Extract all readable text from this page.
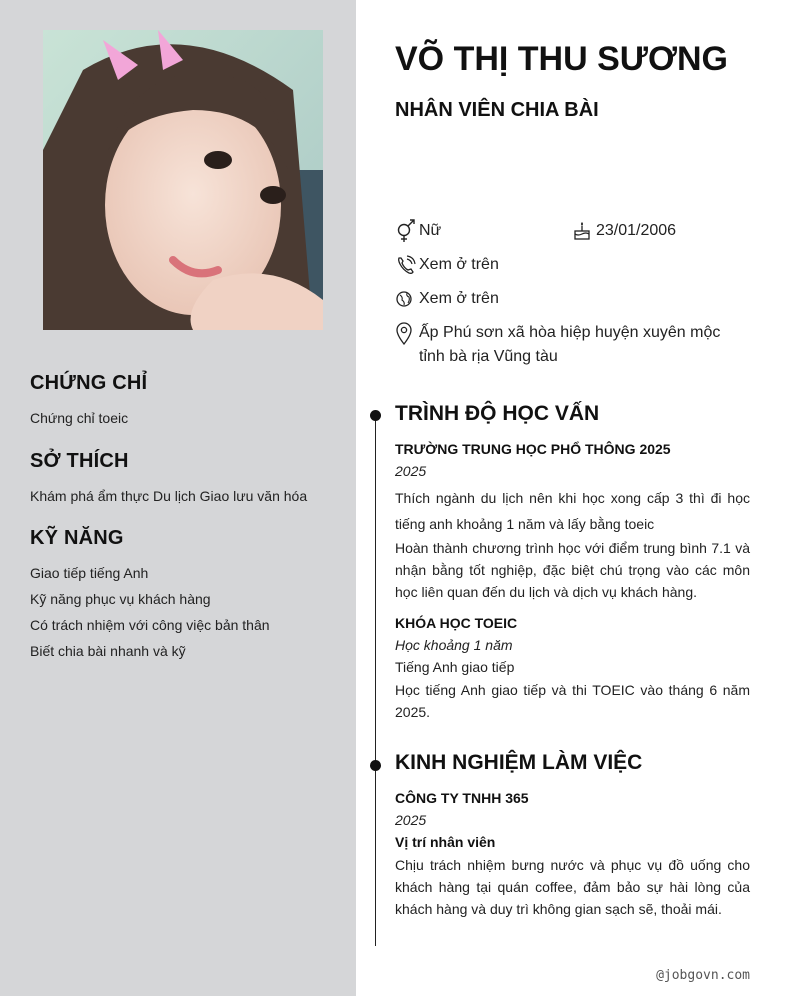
CHỨNG CHỈ
Chứng chỉ toeic
SỞ THÍCH
Khám phá ẩm thực Du lịch Giao lưu văn hóa
KỸ NĂNG
Giao tiếp tiếng Anh
Kỹ năng phục vụ khách hàng
Có trách nhiệm với công việc bản thân
Biết chia bài nhanh và kỹ
VÕ THỊ THU SƯƠNG
NHÂN VIÊN CHIA BÀI
Nữ	23/01/2006
Xem ở trên
Xem ở trên
Ấp Phú sơn xã hòa hiệp huyện xuyên mộc tỉnh bà rịa Vũng tàu
TRÌNH ĐỘ HỌC VẤN
TRƯỜNG TRUNG HỌC PHỔ THÔNG 2025
2025
Thích ngành du lịch nên khi học xong cấp 3 thì đi học tiếng anh khoảng 1 năm và lấy bằng toeic
Hoàn thành chương trình học với điểm trung bình 7.1 và nhận bằng tốt nghiệp, đặc biệt chú trọng vào các môn học liên quan đến du lịch và dịch vụ khách hàng.
KHÓA HỌC TOEIC
Học khoảng 1 năm
Tiếng Anh giao tiếp
Học tiếng Anh giao tiếp và thi TOEIC vào tháng 6 năm 2025.
KINH NGHIỆM LÀM VIỆC
CÔNG TY TNHH 365
2025
Vị trí nhân viên
Chịu trách nhiệm bưng nước và phục vụ đồ uống cho khách hàng tại quán coffee, đảm bảo sự hài lòng của khách hàng và duy trì không gian sạch sẽ, thoải mái.
@jobgovn.com
